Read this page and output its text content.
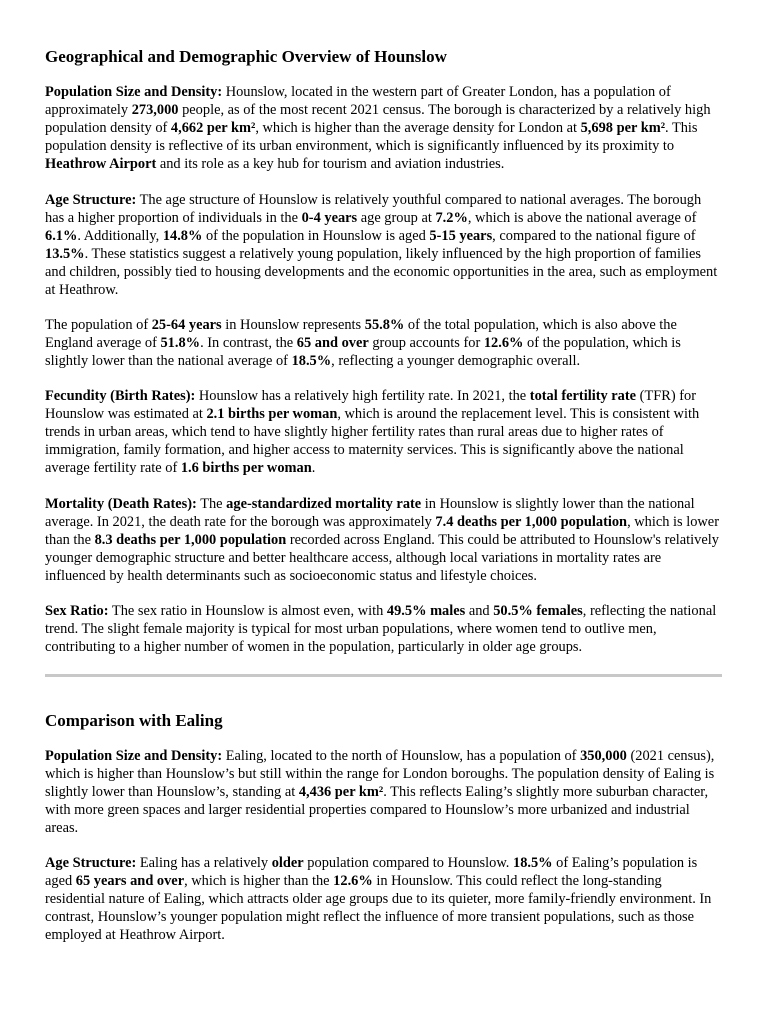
Geographical and Demographic Overview of Hounslow

Population Size and Density: Hounslow, located in the western part of Greater London, has a population of approximately 273,000 people, as of the most recent 2021 census. The borough is characterized by a relatively high population density of 4,662 per km², which is higher than the average density for London at 5,698 per km². This population density is reflective of its urban environment, which is significantly influenced by its proximity to Heathrow Airport and its role as a key hub for tourism and aviation industries.

Age Structure: The age structure of Hounslow is relatively youthful compared to national averages. The borough has a higher proportion of individuals in the 0-4 years age group at 7.2%, which is above the national average of 6.1%. Additionally, 14.8% of the population in Hounslow is aged 5-15 years, compared to the national figure of 13.5%. These statistics suggest a relatively young population, likely influenced by the high proportion of families and children, possibly tied to housing developments and the economic opportunities in the area, such as employment at Heathrow.

The population of 25-64 years in Hounslow represents 55.8% of the total population, which is also above the England average of 51.8%. In contrast, the 65 and over group accounts for 12.6% of the population, which is slightly lower than the national average of 18.5%, reflecting a younger demographic overall.

Fecundity (Birth Rates): Hounslow has a relatively high fertility rate. In 2021, the total fertility rate (TFR) for Hounslow was estimated at 2.1 births per woman, which is around the replacement level. This is consistent with trends in urban areas, which tend to have slightly higher fertility rates than rural areas due to higher rates of immigration, family formation, and higher access to maternity services. This is significantly above the national average fertility rate of 1.6 births per woman.

Mortality (Death Rates): The age-standardized mortality rate in Hounslow is slightly lower than the national average. In 2021, the death rate for the borough was approximately 7.4 deaths per 1,000 population, which is lower than the 8.3 deaths per 1,000 population recorded across England. This could be attributed to Hounslow's relatively younger demographic structure and better healthcare access, although local variations in mortality rates are influenced by health determinants such as socioeconomic status and lifestyle choices.

Sex Ratio: The sex ratio in Hounslow is almost even, with 49.5% males and 50.5% females, reflecting the national trend. The slight female majority is typical for most urban populations, where women tend to outlive men, contributing to a higher number of women in the population, particularly in older age groups.

Comparison with Ealing

Population Size and Density: Ealing, located to the north of Hounslow, has a population of 350,000 (2021 census), which is higher than Hounslow’s but still within the range for London boroughs. The population density of Ealing is slightly lower than Hounslow’s, standing at 4,436 per km². This reflects Ealing’s slightly more suburban character, with more green spaces and larger residential properties compared to Hounslow’s more urbanized and industrial areas.

Age Structure: Ealing has a relatively older population compared to Hounslow. 18.5% of Ealing’s population is aged 65 years and over, which is higher than the 12.6% in Hounslow. This could reflect the long-standing residential nature of Ealing, which attracts older age groups due to its quieter, more family-friendly environment. In contrast, Hounslow’s younger population might reflect the influence of more transient populations, such as those employed at Heathrow Airport.
